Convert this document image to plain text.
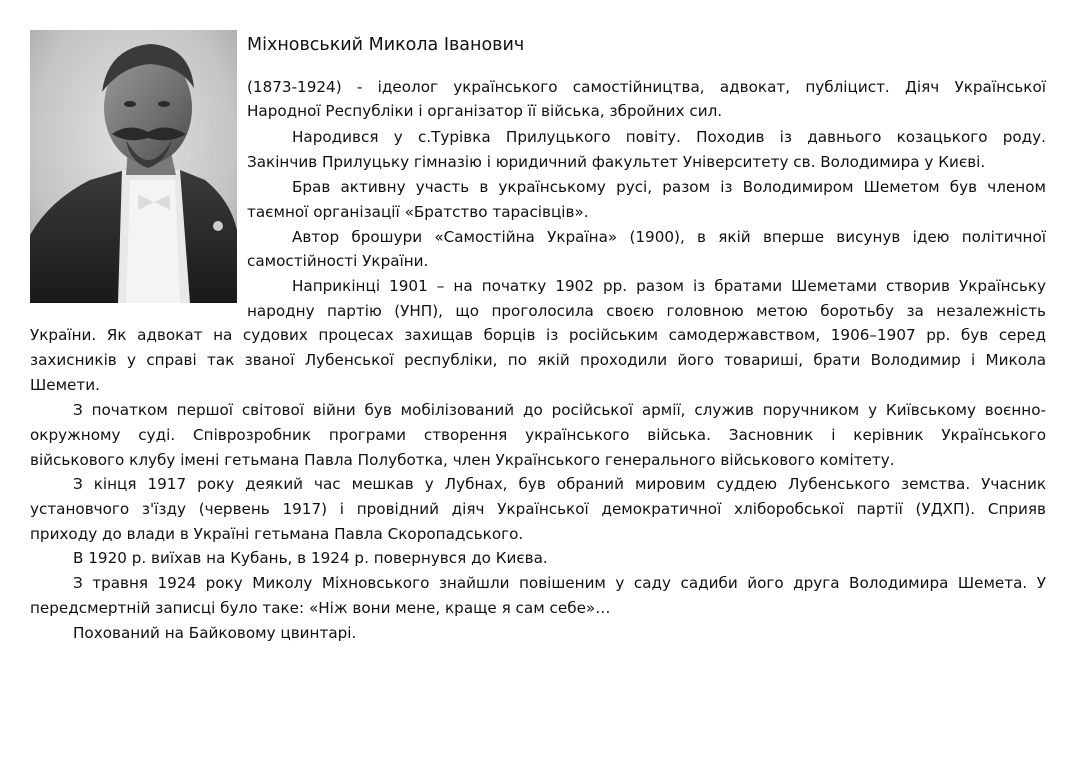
Міхновський Микола Іванович
(1873-1924) - ідеолог українського самостійництва, адвокат, публіцист. Діяч Української
Народної Республіки і організатор її війська, збройних сил.
Народився у с.Турівка Прилуцького повіту. Походив із давнього козацького роду.
Закінчив Прилуцьку гімназію і юридичний факультет Університету св. Володимира у Києві.
Брав активну участь в українському русі, разом із Володимиром Шеметом був членом
таємної організації «Братство тарасівців».
Автор брошури «Самостійна Україна» (1900), в якій вперше висунув ідею політичної
самостійності України.
Наприкінці 1901 – на початку 1902 рр. разом із братами Шеметами створив Українську
народну партію (УНП), що проголосила своєю головною метою боротьбу за незалежність
України. Як адвокат на судових процесах захищав борців із російським самодержавством, 1906–1907 рр. був серед
захисників у справі так званої Лубенської республіки, по якій проходили його товариші, брати Володимир і Микола
Шемети.
З початком першої світової війни був мобілізований до російської армії, служив поручником у Київському воєнно-
окружному суді. Співрозробник програми створення українського війська. Засновник і керівник Українського
військового клубу імені гетьмана Павла Полуботка, член Українського генерального військового комітету.
З кінця 1917 року деякий час мешкав у Лубнах, був обраний мировим суддею Лубенського земства. Учасник
установчого з'їзду (червень 1917) і провідний діяч Української демократичної хліборобської партії (УДХП). Сприяв
приходу до влади в Україні гетьмана Павла Скоропадського.
В 1920 р. виїхав на Кубань, в 1924 р. повернувся до Києва.
З травня 1924 року Миколу Міхновського знайшли повішеним у саду садиби його друга Володимира Шемета. У
передсмертній записці було таке: «Ніж вони мене, краще я сам себе»…
Похований на Байковому цвинтарі.
